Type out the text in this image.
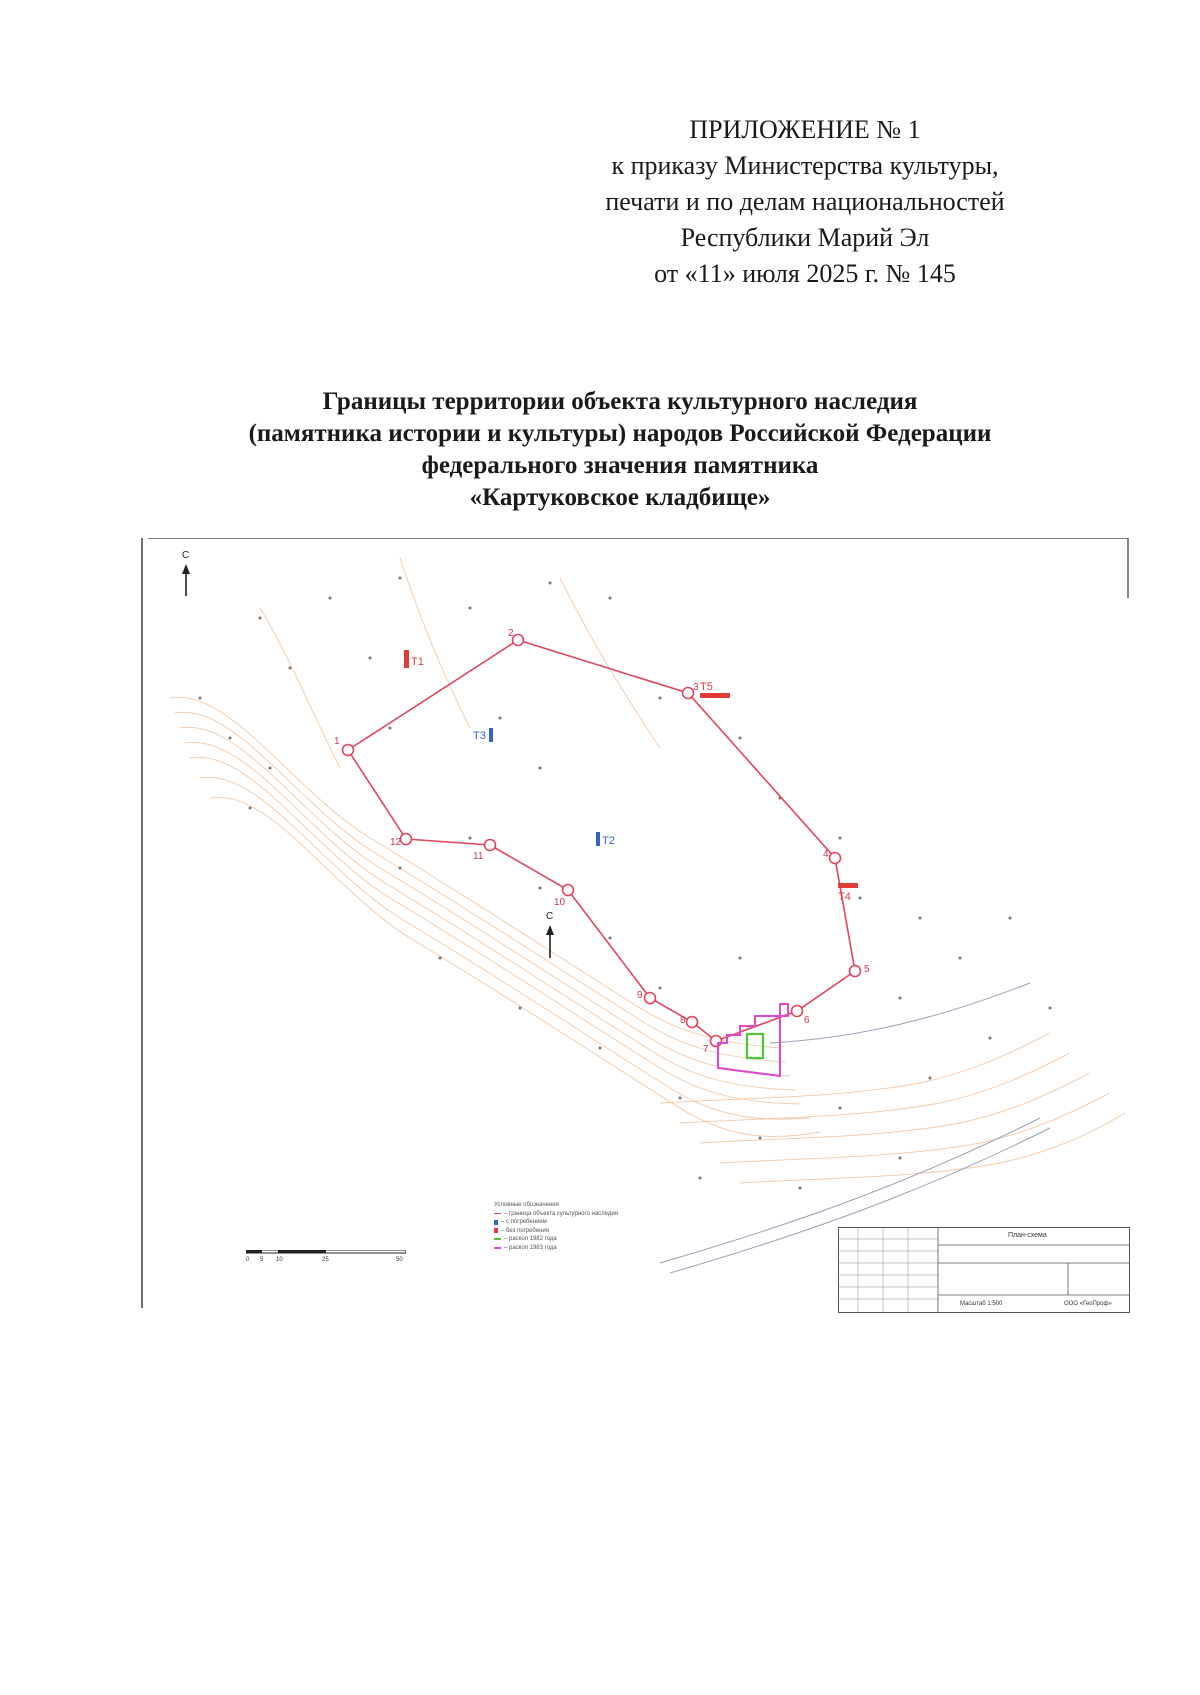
ПРИЛОЖЕНИЕ № 1
к приказу Министерства культуры,
печати и по делам национальностей
Республики Марий Эл
от «11» июля 2025 г. № 145
Границы территории объекта культурного наследия
(памятника истории и культуры) народов Российской Федерации
федерального значения памятника
«Картуковское кладбище»
С
С
1
2
3
4
5
6
7
8
9
10
11
12
Т1
Т2
Т3
Т4
Т5
Условные обозначения
– граница объекта культурного наследия
– с погребением
– без погребения
– раскоп 1982 года
– раскоп 1983 года
0 5 10	25	50
План-схема
Масштаб 1:500	ООО «ГеоПроф»
